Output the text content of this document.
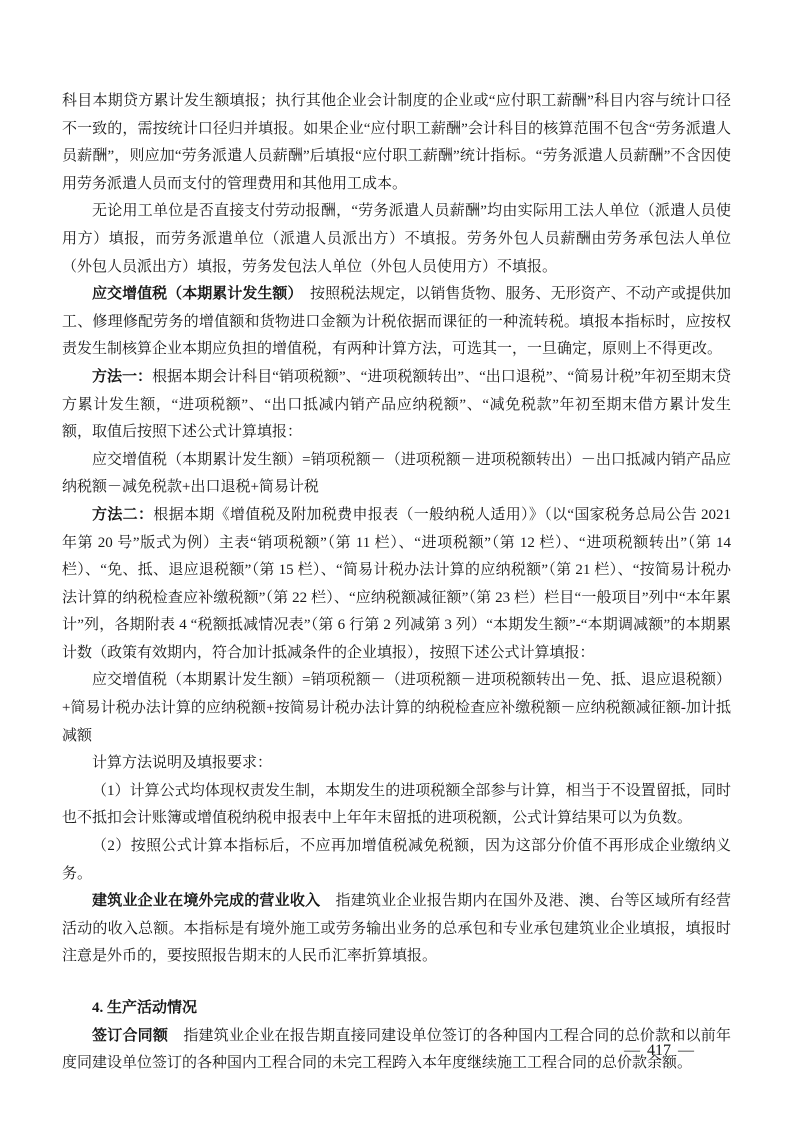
科目本期贷方累计发生额填报；执行其他企业会计制度的企业或“应付职工薪酬”科目内容与统计口径不一致的，需按统计口径归并填报。如果企业“应付职工薪酬”会计科目的核算范围不包含“劳务派遣人员薪酬”，则应加“劳务派遣人员薪酬”后填报“应付职工薪酬”统计指标。“劳务派遣人员薪酬”不含因使用劳务派遣人员而支付的管理费用和其他用工成本。

无论用工单位是否直接支付劳动报酬，“劳务派遣人员薪酬”均由实际用工法人单位（派遣人员使用方）填报，而劳务派遣单位（派遣人员派出方）不填报。劳务外包人员薪酬由劳务承包法人单位（外包人员派出方）填报，劳务发包法人单位（外包人员使用方）不填报。

应交增值税（本期累计发生额）　按照税法规定，以销售货物、服务、无形资产、不动产或提供加工、修理修配劳务的增值额和货物进口金额为计税依据而课征的一种流转税。填报本指标时，应按权责发生制核算企业本期应负担的增值税，有两种计算方法，可选其一，一旦确定，原则上不得更改。

方法一：根据本期会计科目“销项税额”、“进项税额转出”、“出口退税”、“简易计税”年初至期末贷方累计发生额，“进项税额”、“出口抵减内销产品应纳税额”、“减免税款”年初至期末借方累计发生额，取值后按照下述公式计算填报：

应交增值税（本期累计发生额）=销项税额－（进项税额－进项税额转出）－出口抵减内销产品应纳税额－减免税款+出口退税+简易计税

方法二：根据本期《增值税及附加税费申报表（一般纳税人适用）》（以“国家税务总局公告 2021 年第 20 号”版式为例）主表“销项税额”（第 11 栏）、“进项税额”（第 12 栏）、“进项税额转出”（第 14 栏）、“免、抵、退应退税额”（第 15 栏）、“简易计税办法计算的应纳税额”（第 21 栏）、“按简易计税办法计算的纳税检查应补缴税额”（第 22 栏）、“应纳税额减征额”（第 23 栏）栏目“一般项目”列中“本年累计”列，各期附表 4 “税额抵减情况表”（第 6 行第 2 列减第 3 列）“本期发生额”-“本期调减额”的本期累计数（政策有效期内，符合加计抵减条件的企业填报），按照下述公式计算填报：

应交增值税（本期累计发生额）=销项税额－（进项税额－进项税额转出－免、抵、退应退税额）+简易计税办法计算的应纳税额+按简易计税办法计算的纳税检查应补缴税额－应纳税额减征额-加计抵减额

计算方法说明及填报要求：

（1）计算公式均体现权责发生制，本期发生的进项税额全部参与计算，相当于不设置留抵，同时也不抵扣会计账簿或增值税纳税申报表中上年年末留抵的进项税额，公式计算结果可以为负数。

（2）按照公式计算本指标后，不应再加增值税减免税额，因为这部分价值不再形成企业缴纳义务。

建筑业企业在境外完成的营业收入　指建筑业企业报告期内在国外及港、澳、台等区域所有经营活动的收入总额。本指标是有境外施工或劳务输出业务的总承包和专业承包建筑业企业填报，填报时注意是外币的，要按照报告期末的人民币汇率折算填报。

4. 生产活动情况

签订合同额　指建筑业企业在报告期直接同建设单位签订的各种国内工程合同的总价款和以前年度同建设单位签订的各种国内工程合同的未完工程跨入本年度继续施工工程合同的总价款余额。

— 417 —
